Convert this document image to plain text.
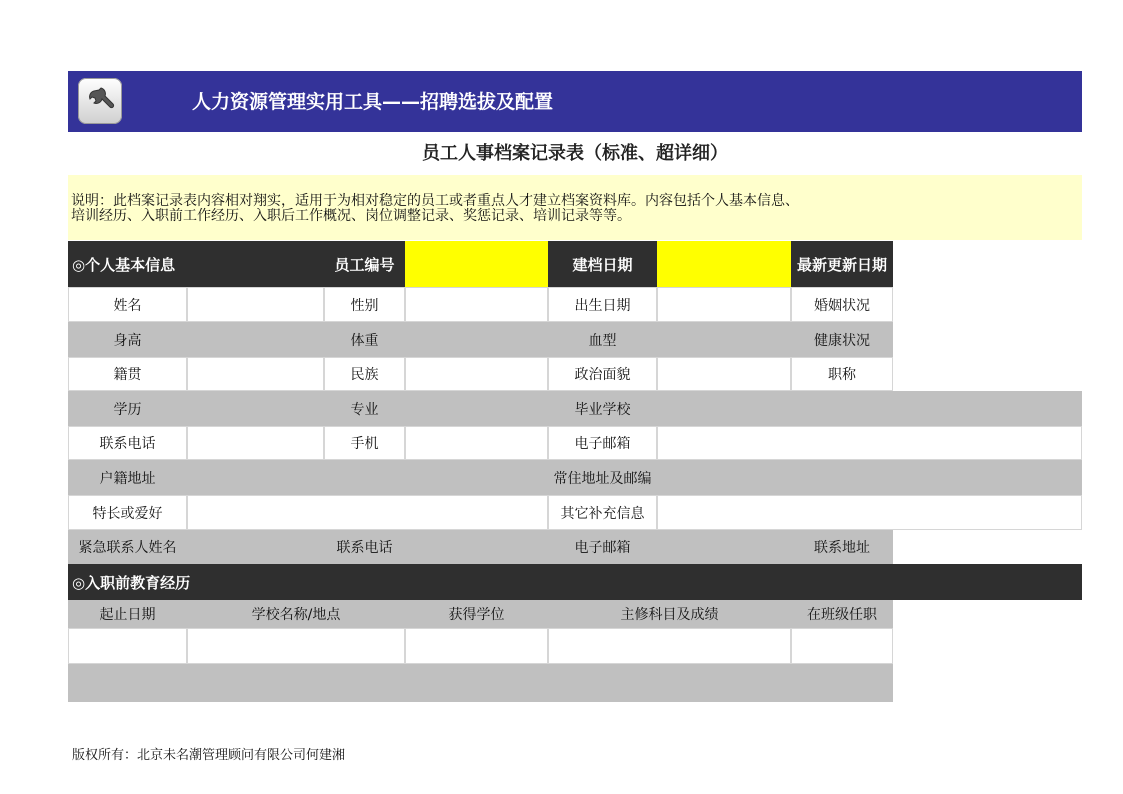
人力资源管理实用工具——招聘选拔及配置
员工人事档案记录表（标准、超详细）
说明：此档案记录表内容相对翔实，适用于为相对稳定的员工或者重点人才建立档案资料库。内容包括个人基本信息、
培训经历、入职前工作经历、入职后工作概况、岗位调整记录、奖惩记录、培训记录等等。
◎个人基本信息	员工编号	建档日期	最新更新日期
姓名	性别	出生日期	婚姻状况
身高	体重	血型	健康状况
籍贯	民族	政治面貌	职称
学历	专业	毕业学校
联系电话	手机	电子邮箱
户籍地址	常住地址及邮编
特长或爱好	其它补充信息
紧急联系人姓名	联系电话	电子邮箱	联系地址
◎入职前教育经历
起止日期	学校名称/地点	获得学位	主修科目及成绩	在班级任职
版权所有：北京未名潮管理顾问有限公司何建湘
